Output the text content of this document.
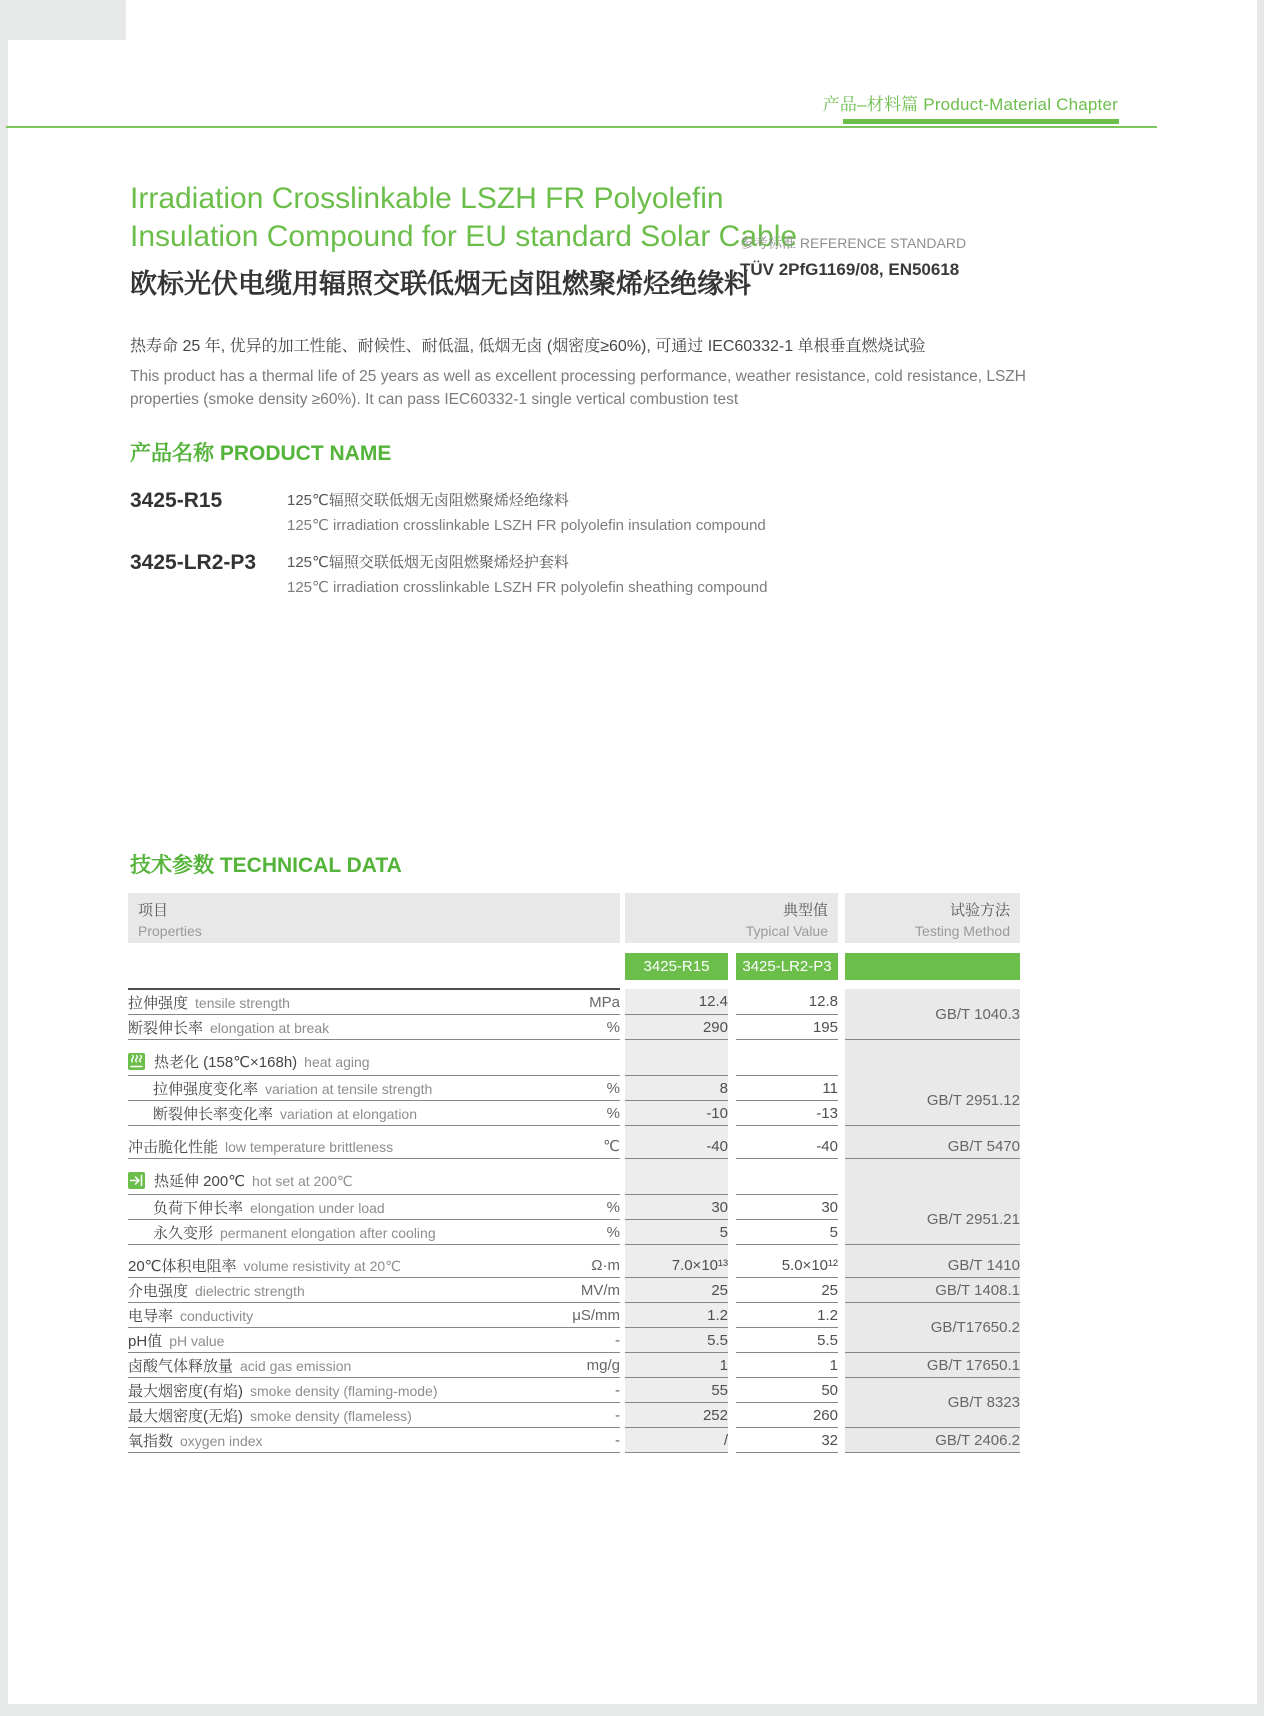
产品–材料篇 Product-Material Chapter
Irradiation Crosslinkable LSZH FR Polyolefin
Insulation Compound for EU standard Solar Cable
欧标光伏电缆用辐照交联低烟无卤阻燃聚烯烃绝缘料
参考标准 REFERENCE STANDARD
TÜV 2PfG1169/08, EN50618
热寿命 25 年, 优异的加工性能、耐候性、耐低温, 低烟无卤 (烟密度≥60%), 可通过 IEC60332-1 单根垂直燃烧试验
This product has a thermal life of 25 years as well as excellent processing performance, weather resistance, cold resistance, LSZH properties (smoke density ≥60%). It can pass IEC60332-1 single vertical combustion test
产品名称 PRODUCT NAME
3425-R15	125℃辐照交联低烟无卤阻燃聚烯烃绝缘料
125℃ irradiation crosslinkable LSZH FR polyolefin insulation compound
3425-LR2-P3	125℃辐照交联低烟无卤阻燃聚烯烃护套料
125℃ irradiation crosslinkable LSZH FR polyolefin sheathing compound
技术参数 TECHNICAL DATA
项目
Properties
典型值
Typical Value
试验方法
Testing Method
3425-R15	3425-LR2-P3
拉伸强度 tensile strength	MPa		12.4		12.8		GB/T 1040.3
断裂伸长率 elongation at break	%		290		195		

热老化 (158℃×168h) heat aging							
拉伸强度变化率 variation at tensile strength	%		8		11		GB/T 2951.12
断裂伸长率变化率 variation at elongation	%		-10		-13		

冲击脆化性能 low temperature brittleness	℃		-40		-40		GB/T 5470

热延伸 200℃ hot set at 200℃							
负荷下伸长率 elongation under load	%		30		30		GB/T 2951.21
永久变形 permanent elongation after cooling	%		5		5		

20℃体积电阻率 volume resistivity at 20℃	Ω·m		7.0×10¹³		5.0×10¹²		GB/T 1410
介电强度 dielectric strength	MV/m		25		25		GB/T 1408.1
电导率 conductivity	μS/mm		1.2		1.2		GB/T17650.2
pH值 pH value	-		5.5		5.5		
卤酸气体释放量 acid gas emission	mg/g		1		1		GB/T 17650.1
最大烟密度(有焰) smoke density (flaming-mode)	-		55		50		GB/T 8323
最大烟密度(无焰) smoke density (flameless)	-		252		260		
氧指数 oxygen index	-		/		32		GB/T 2406.2
